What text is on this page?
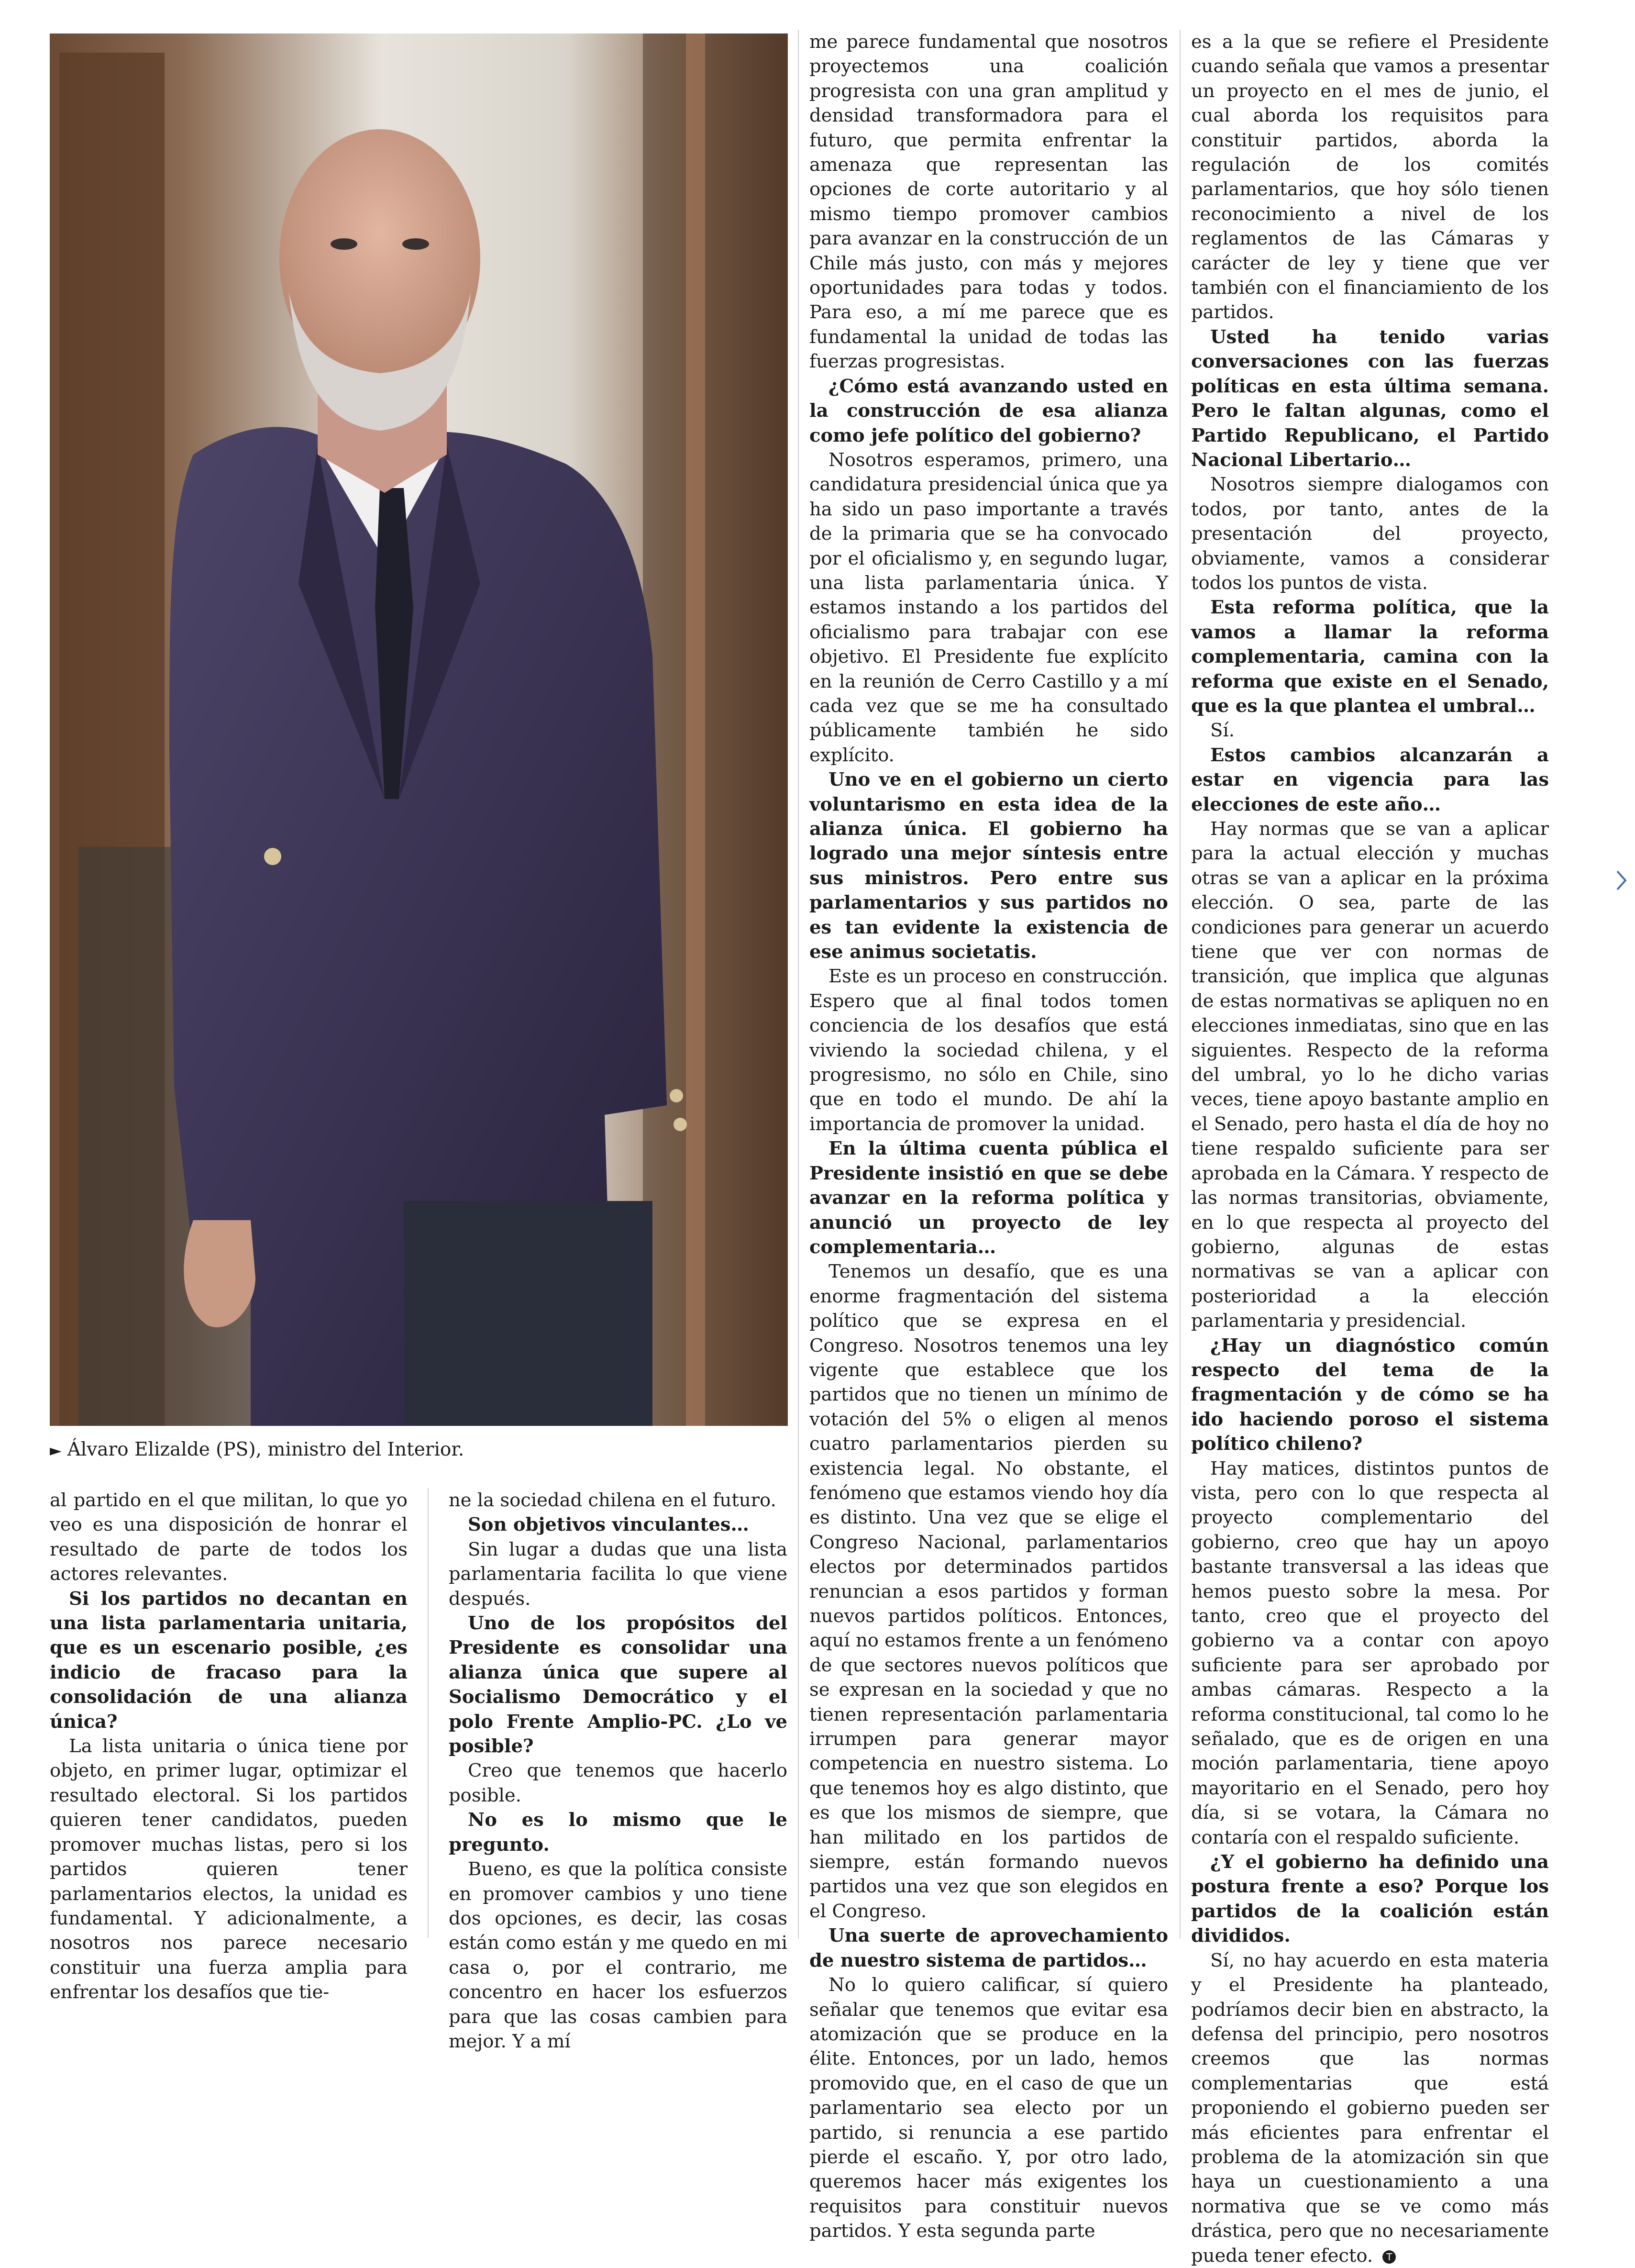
► Álvaro Elizalde (PS), ministro del Interior.

al partido en el que militan, lo que yo veo es una disposición de honrar el resultado de parte de todos los actores relevantes.

Si los partidos no decantan en una lista parlamentaria unitaria, que es un escenario posible, ¿es indicio de fracaso para la consolidación de una alianza única?

La lista unitaria o única tiene por objeto, en primer lugar, optimizar el resultado electoral. Si los partidos quieren tener candidatos, pueden promover muchas listas, pero si los partidos quieren tener parlamentarios electos, la unidad es fundamental. Y adicionalmente, a nosotros nos parece necesario constituir una fuerza amplia para enfrentar los desafíos que tie-

ne la sociedad chilena en el futuro.

Son objetivos vinculantes…

Sin lugar a dudas que una lista parlamentaria facilita lo que viene después.

Uno de los propósitos del Presidente es consolidar una alianza única que supere al Socialismo Democrático y el polo Frente Amplio-PC. ¿Lo ve posible?

Creo que tenemos que hacerlo posible.

No es lo mismo que le pregunto.

Bueno, es que la política consiste en promover cambios y uno tiene dos opciones, es decir, las cosas están como están y me quedo en mi casa o, por el contrario, me concentro en hacer los esfuerzos para que las cosas cambien para mejor. Y a mí

me parece fundamental que nosotros proyectemos una coalición progresista con una gran amplitud y densidad transformadora para el futuro, que permita enfrentar la amenaza que representan las opciones de corte autoritario y al mismo tiempo promover cambios para avanzar en la construcción de un Chile más justo, con más y mejores oportunidades para todas y todos. Para eso, a mí me parece que es fundamental la unidad de todas las fuerzas progresistas.

¿Cómo está avanzando usted en la construcción de esa alianza como jefe político del gobierno?

Nosotros esperamos, primero, una candidatura presidencial única que ya ha sido un paso importante a través de la primaria que se ha convocado por el oficialismo y, en segundo lugar, una lista parlamentaria única. Y estamos instando a los partidos del oficialismo para trabajar con ese objetivo. El Presidente fue explícito en la reunión de Cerro Castillo y a mí cada vez que se me ha consultado públicamente también he sido explícito.

Uno ve en el gobierno un cierto voluntarismo en esta idea de la alianza única. El gobierno ha logrado una mejor síntesis entre sus ministros. Pero entre sus parlamentarios y sus partidos no es tan evidente la existencia de ese animus societatis.

Este es un proceso en construcción. Espero que al final todos tomen conciencia de los desafíos que está viviendo la sociedad chilena, y el progresismo, no sólo en Chile, sino que en todo el mundo. De ahí la importancia de promover la unidad.

En la última cuenta pública el Presidente insistió en que se debe avanzar en la reforma política y anunció un proyecto de ley complementaria…

Tenemos un desafío, que es una enorme fragmentación del sistema político que se expresa en el Congreso. Nosotros tenemos una ley vigente que establece que los partidos que no tienen un mínimo de votación del 5% o eligen al menos cuatro parlamentarios pierden su existencia legal. No obstante, el fenómeno que estamos viendo hoy día es distinto. Una vez que se elige el Congreso Nacional, parlamentarios electos por determinados partidos renuncian a esos partidos y forman nuevos partidos políticos. Entonces, aquí no estamos frente a un fenómeno de que sectores nuevos políticos que se expresan en la sociedad y que no tienen representación parlamentaria irrumpen para generar mayor competencia en nuestro sistema. Lo que tenemos hoy es algo distinto, que es que los mismos de siempre, que han militado en los partidos de siempre, están formando nuevos partidos una vez que son elegidos en el Congreso.

Una suerte de aprovechamiento de nuestro sistema de partidos…

No lo quiero calificar, sí quiero señalar que tenemos que evitar esa atomización que se produce en la élite. Entonces, por un lado, hemos promovido que, en el caso de que un parlamentario sea electo por un partido, si renuncia a ese partido pierde el escaño. Y, por otro lado, queremos hacer más exigentes los requisitos para constituir nuevos partidos. Y esta segunda parte

es a la que se refiere el Presidente cuando señala que vamos a presentar un proyecto en el mes de junio, el cual aborda los requisitos para constituir partidos, aborda la regulación de los comités parlamentarios, que hoy sólo tienen reconocimiento a nivel de los reglamentos de las Cámaras y carácter de ley y tiene que ver también con el financiamiento de los partidos.

Usted ha tenido varias conversaciones con las fuerzas políticas en esta última semana. Pero le faltan algunas, como el Partido Republicano, el Partido Nacional Libertario…

Nosotros siempre dialogamos con todos, por tanto, antes de la presentación del proyecto, obviamente, vamos a considerar todos los puntos de vista.

Esta reforma política, que la vamos a llamar la reforma complementaria, camina con la reforma que existe en el Senado, que es la que plantea el umbral…

Sí.

Estos cambios alcanzarán a estar en vigencia para las elecciones de este año…

Hay normas que se van a aplicar para la actual elección y muchas otras se van a aplicar en la próxima elección. O sea, parte de las condiciones para generar un acuerdo tiene que ver con normas de transición, que implica que algunas de estas normativas se apliquen no en elecciones inmediatas, sino que en las siguientes. Respecto de la reforma del umbral, yo lo he dicho varias veces, tiene apoyo bastante amplio en el Senado, pero hasta el día de hoy no tiene respaldo suficiente para ser aprobada en la Cámara. Y respecto de las normas transitorias, obviamente, en lo que respecta al proyecto del gobierno, algunas de estas normativas se van a aplicar con posterioridad a la elección parlamentaria y presidencial.

¿Hay un diagnóstico común respecto del tema de la fragmentación y de cómo se ha ido haciendo poroso el sistema político chileno?

Hay matices, distintos puntos de vista, pero con lo que respecta al proyecto complementario del gobierno, creo que hay un apoyo bastante transversal a las ideas que hemos puesto sobre la mesa. Por tanto, creo que el proyecto del gobierno va a contar con apoyo suficiente para ser aprobado por ambas cámaras. Respecto a la reforma constitucional, tal como lo he señalado, que es de origen en una moción parlamentaria, tiene apoyo mayoritario en el Senado, pero hoy día, si se votara, la Cámara no contaría con el respaldo suficiente.

¿Y el gobierno ha definido una postura frente a eso? Porque los partidos de la coalición están divididos.

Sí, no hay acuerdo en esta materia y el Presidente ha planteado, podríamos decir bien en abstracto, la defensa del principio, pero nosotros creemos que las normas complementarias que está proponiendo el gobierno pueden ser más eficientes para enfrentar el problema de la atomización sin que haya un cuestionamiento a una normativa que se ve como más drástica, pero que no necesariamente pueda tener efecto. T
